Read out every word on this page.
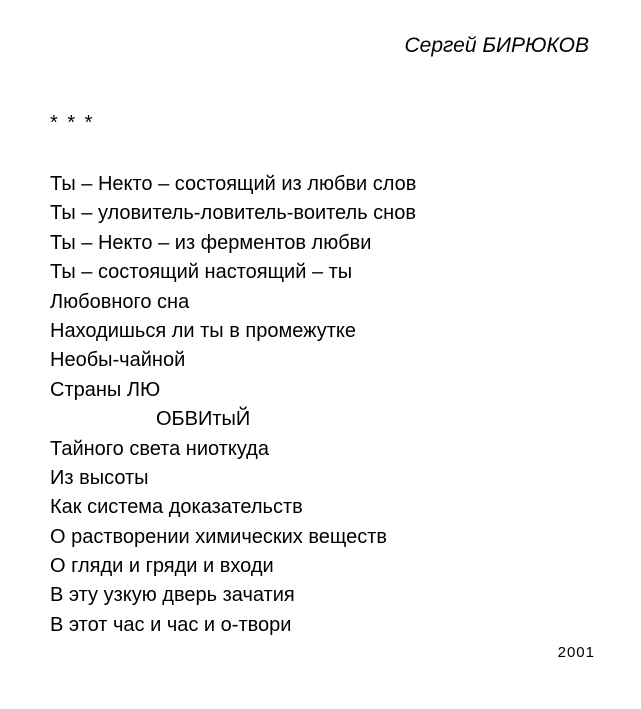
Сергей БИРЮКОВ
* * *
Ты – Некто – состоящий из любви слов
Ты – уловитель-ловитель-воитель снов
Ты – Некто – из ферментов любви
Ты – состоящий настоящий – ты
Любовного сна
Находишься ли ты в промежутке
Необы-чайной
Страны ЛЮ
ОБВИтыЙ
Тайного света ниоткуда
Из высоты
Как система доказательств
О растворении химических веществ
О гляди и гряди и входи
В эту узкую дверь зачатия
В этот час и час и о-твори
2001
